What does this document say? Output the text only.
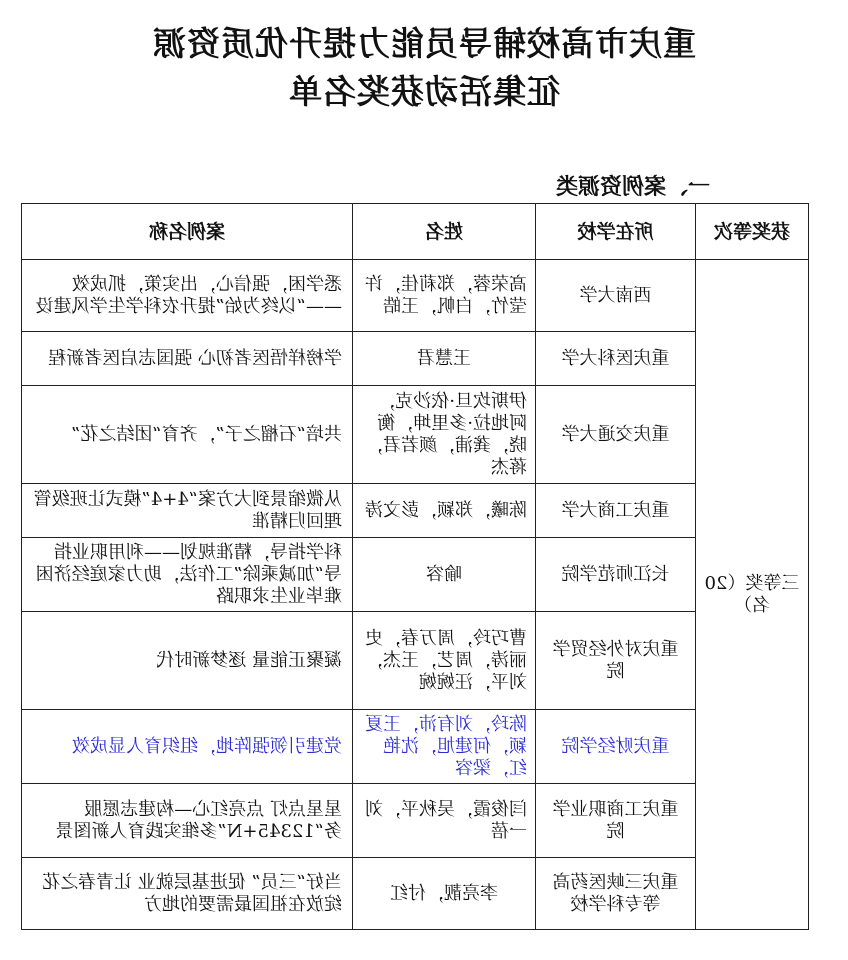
重庆市高校辅导员能力提升优质资源
征集活动获奖名单
一、案例资源类
获奖等次	所在学校	姓名	案例名称
三等奖（20名）	西南大学	高荣蓉，郑莉佳，许莹竹，白帆，王皓	悉学困，强信心，出实策，抓成效——“以终为始”提升农科学生学风建设
	重庆医科大学	王慧君	学榜样悟医者初心 强国志启医者新程
	重庆交通大学	伊斯坎旦·依沙克，阿地拉·多里坤，衡晓，龚浦，颜若君，蒋杰	共培“石榴之子”，齐育“团结之花”
	重庆工商大学	陈曦，郑颖，彭文涛	从微缩景到大方案“4+4”模式让班级管理回归精准
	长江师范学院	喻容	科学指导，精准规划——利用职业指导“加减乘除”工作法，助力家庭经济困难毕业生求职路
	重庆对外经贸学院	曹巧玲，周万春，史丽涛，周艺，王杰，刘平，汪婉婉	凝聚正能量 逐梦新时代
	重庆财经学院	陈玲，刘有沛，王夏颖，何建旭，沈艳红，梁容	党建引领强阵地，组织育人显成效
	重庆工商职业学院	闫俊霞，吴秋平，刘一蓓	星星点灯 点亮红心—构建志愿服务“12345+N”多维实践育人新图景
	重庆三峡医药高等专科学校	李亮靓，付红	当好“三员” 促进基层就业 让青春之花绽放在祖国最需要的地方
